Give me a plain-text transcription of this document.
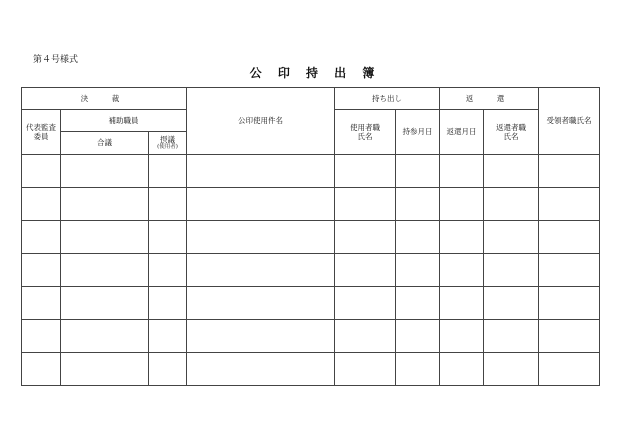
第４号様式
公 印 持 出 簿
決　裁			公印使用件名	持ち出し		返　還		受領者職氏名
代表監査委員	補助職員			使用者職氏名	持参月日	返還月日	返還者職氏名	
	合議	摂議
(使用者)						
